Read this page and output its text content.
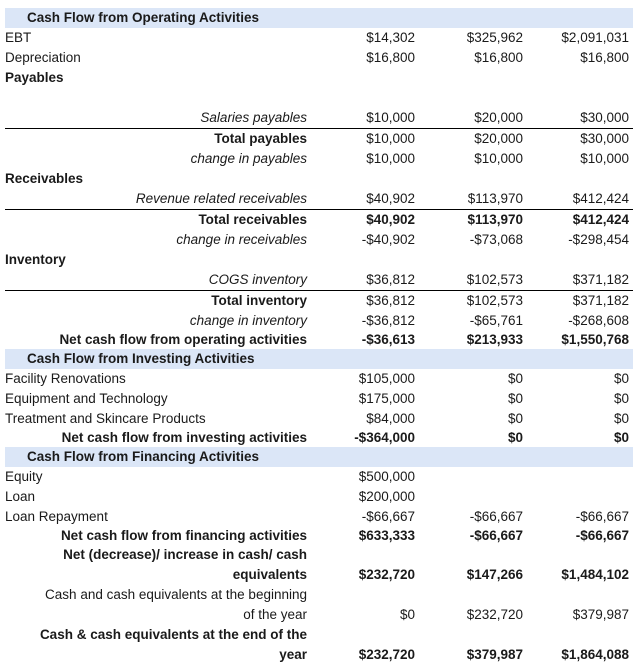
Cash Flow from Operating Activities
EBT	$14,302	$325,962	$2,091,031
Depreciation	$16,800	$16,800	$16,800
Payables
Salaries payables	$10,000	$20,000	$30,000
Total payables	$10,000	$20,000	$30,000
change in payables	$10,000	$10,000	$10,000
Receivables
Revenue related receivables	$40,902	$113,970	$412,424
Total receivables	$40,902	$113,970	$412,424
change in receivables	-$40,902	-$73,068	-$298,454
Inventory
COGS inventory	$36,812	$102,573	$371,182
Total inventory	$36,812	$102,573	$371,182
change in inventory	-$36,812	-$65,761	-$268,608
Net cash flow from operating activities	-$36,613	$213,933	$1,550,768
Cash Flow from Investing Activities
Facility Renovations	$105,000	$0	$0
Equipment and Technology	$175,000	$0	$0
Treatment and Skincare Products	$84,000	$0	$0
Net cash flow from investing activities	-$364,000	$0	$0
Cash Flow from Financing Activities
Equity	$500,000
Loan	$200,000
Loan Repayment	-$66,667	-$66,667	-$66,667
Net cash flow from financing activities	$633,333	-$66,667	-$66,667
Net (decrease)/ increase in cash/ cash
equivalents	$232,720	$147,266	$1,484,102
Cash and cash equivalents at the beginning
of the year	$0	$232,720	$379,987
Cash & cash equivalents at the end of the
year	$232,720	$379,987	$1,864,088
